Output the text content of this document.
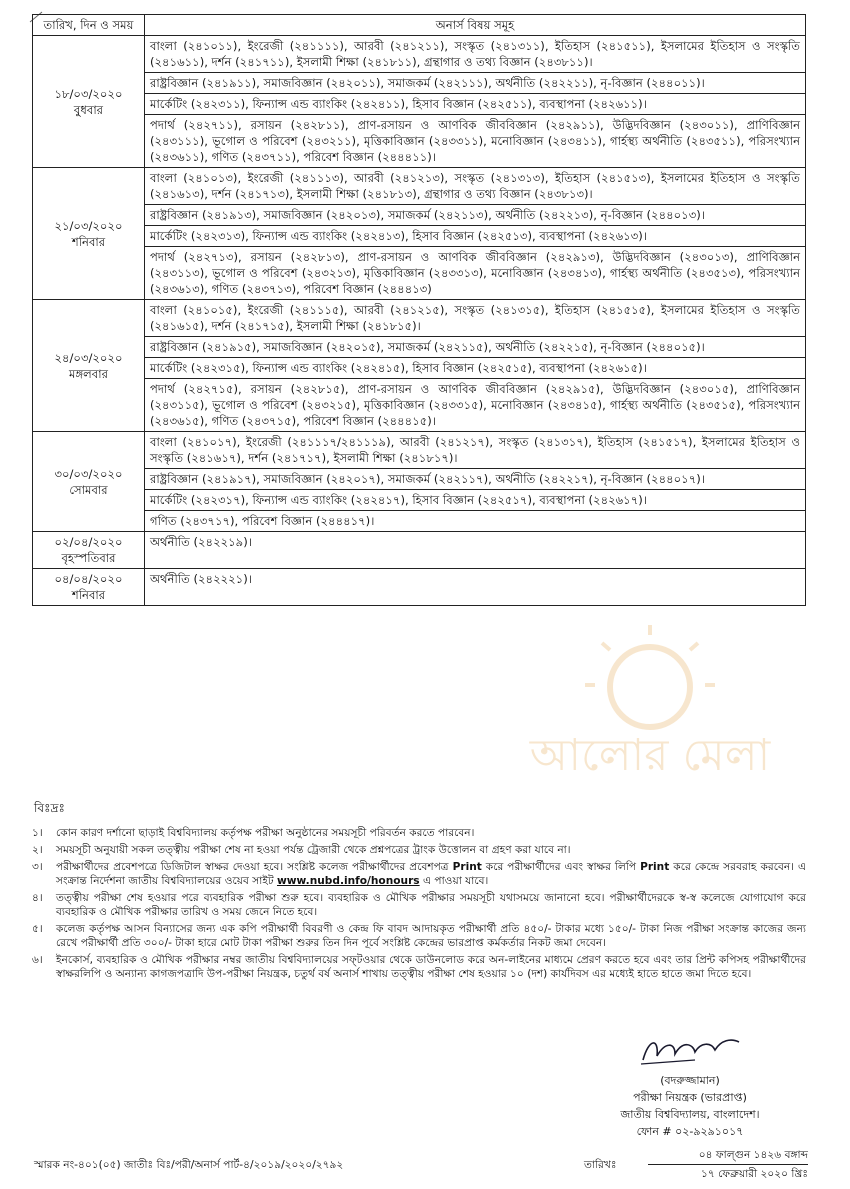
তারিখ, দিন ও সময়	অনার্স বিষয় সমূহ

১৮/০৩/২০২০
বুধবার	বাংলা (২৪১০১১), ইংরেজী (২৪১১১১), আরবী (২৪১২১১), সংস্কৃত (২৪১৩১১), ইতিহাস (২৪১৫১১), ইসলামের ইতিহাস ও সংস্কৃতি (২৪১৬১১), দর্শন (২৪১৭১১), ইসলামী শিক্ষা (২৪১৮১১), গ্রন্থাগার ও তথ্য বিজ্ঞান (২৪৩৮১১)।
	রাষ্ট্রবিজ্ঞান (২৪১৯১১), সমাজবিজ্ঞান (২৪২০১১), সমাজকর্ম (২৪২১১১), অর্থনীতি (২৪২২১১), নৃ-বিজ্ঞান (২৪৪০১১)।
	মার্কেটিং (২৪২৩১১), ফিন্যান্স এন্ড ব্যাংকিং (২৪২৪১১), হিসাব বিজ্ঞান (২৪২৫১১), ব্যবস্থাপনা (২৪২৬১১)।
	পদার্থ (২৪২৭১১), রসায়ন (২৪২৮১১), প্রাণ-রসায়ন ও আণবিক জীববিজ্ঞান (২৪২৯১১), উদ্ভিদবিজ্ঞান (২৪৩০১১), প্রাণিবিজ্ঞান (২৪৩১১১), ভূগোল ও পরিবেশ (২৪৩২১১), মৃত্তিকাবিজ্ঞান (২৪৩৩১১), মনোবিজ্ঞান (২৪৩৪১১), গার্হস্থ্য অর্থনীতি (২৪৩৫১১), পরিসংখ্যান (২৪৩৬১১), গণিত (২৪৩৭১১), পরিবেশ বিজ্ঞান (২৪৪৪১১)।

২১/০৩/২০২০
শনিবার	বাংলা (২৪১০১৩), ইংরেজী (২৪১১১৩), আরবী (২৪১২১৩), সংস্কৃত (২৪১৩১৩), ইতিহাস (২৪১৫১৩), ইসলামের ইতিহাস ও সংস্কৃতি (২৪১৬১৩), দর্শন (২৪১৭১৩), ইসলামী শিক্ষা (২৪১৮১৩), গ্রন্থাগার ও তথ্য বিজ্ঞান (২৪৩৮১৩)।
	রাষ্ট্রবিজ্ঞান (২৪১৯১৩), সমাজবিজ্ঞান (২৪২০১৩), সমাজকর্ম (২৪২১১৩), অর্থনীতি (২৪২২১৩), নৃ-বিজ্ঞান (২৪৪০১৩)।
	মার্কেটিং (২৪২৩১৩), ফিন্যান্স এন্ড ব্যাংকিং (২৪২৪১৩), হিসাব বিজ্ঞান (২৪২৫১৩), ব্যবস্থাপনা (২৪২৬১৩)।
	পদার্থ (২৪২৭১৩), রসায়ন (২৪২৮১৩), প্রাণ-রসায়ন ও আণবিক জীববিজ্ঞান (২৪২৯১৩), উদ্ভিদবিজ্ঞান (২৪৩০১৩), প্রাণিবিজ্ঞান (২৪৩১১৩), ভূগোল ও পরিবেশ (২৪৩২১৩), মৃত্তিকাবিজ্ঞান (২৪৩৩১৩), মনোবিজ্ঞান (২৪৩৪১৩), গার্হস্থ্য অর্থনীতি (২৪৩৫১৩), পরিসংখ্যান (২৪৩৬১৩), গণিত (২৪৩৭১৩), পরিবেশ বিজ্ঞান (২৪৪৪১৩)

২৪/০৩/২০২০
মঙ্গলবার	বাংলা (২৪১০১৫), ইংরেজী (২৪১১১৫), আরবী (২৪১২১৫), সংস্কৃত (২৪১৩১৫), ইতিহাস (২৪১৫১৫), ইসলামের ইতিহাস ও সংস্কৃতি (২৪১৬১৫), দর্শন (২৪১৭১৫), ইসলামী শিক্ষা (২৪১৮১৫)।
	রাষ্ট্রবিজ্ঞান (২৪১৯১৫), সমাজবিজ্ঞান (২৪২০১৫), সমাজকর্ম (২৪২১১৫), অর্থনীতি (২৪২২১৫), নৃ-বিজ্ঞান (২৪৪০১৫)।
	মার্কেটিং (২৪২৩১৫), ফিন্যান্স এন্ড ব্যাংকিং (২৪২৪১৫), হিসাব বিজ্ঞান (২৪২৫১৫), ব্যবস্থাপনা (২৪২৬১৫)।
	পদার্থ (২৪২৭১৫), রসায়ন (২৪২৮১৫), প্রাণ-রসায়ন ও আণবিক জীববিজ্ঞান (২৪২৯১৫), উদ্ভিদবিজ্ঞান (২৪৩০১৫), প্রাণিবিজ্ঞান (২৪৩১১৫), ভূগোল ও পরিবেশ (২৪৩২১৫), মৃত্তিকাবিজ্ঞান (২৪৩৩১৫), মনোবিজ্ঞান (২৪৩৪১৫), গার্হস্থ্য অর্থনীতি (২৪৩৫১৫), পরিসংখ্যান (২৪৩৬১৫), গণিত (২৪৩৭১৫), পরিবেশ বিজ্ঞান (২৪৪৪১৫)।

৩০/০৩/২০২০
সোমবার	বাংলা (২৪১০১৭), ইংরেজী (২৪১১১৭/২৪১১১৯), আরবী (২৪১২১৭), সংস্কৃত (২৪১৩১৭), ইতিহাস (২৪১৫১৭), ইসলামের ইতিহাস ও সংস্কৃতি (২৪১৬১৭), দর্শন (২৪১৭১৭), ইসলামী শিক্ষা (২৪১৮১৭)।
	রাষ্ট্রবিজ্ঞান (২৪১৯১৭), সমাজবিজ্ঞান (২৪২০১৭), সমাজকর্ম (২৪২১১৭), অর্থনীতি (২৪২২১৭), নৃ-বিজ্ঞান (২৪৪০১৭)।
	মার্কেটিং (২৪২৩১৭), ফিন্যান্স এন্ড ব্যাংকিং (২৪২৪১৭), হিসাব বিজ্ঞান (২৪২৫১৭), ব্যবস্থাপনা (২৪২৬১৭)।
	গণিত (২৪৩৭১৭), পরিবেশ বিজ্ঞান (২৪৪৪১৭)।

০২/০৪/২০২০
বৃহস্পতিবার	অর্থনীতি (২৪২২১৯)।

০৪/০৪/২০২০
শনিবার	অর্থনীতি (২৪২২২১)।
আলোর মেলা
বিঃদ্রঃ
১।	কোন কারণ দর্শানো ছাড়াই বিশ্ববিদ্যালয় কর্তৃপক্ষ পরীক্ষা অনুষ্ঠানের সময়সূচী পরিবর্তন করতে পারবেন।
২।	সময়সূচী অনুযায়ী সকল তত্ত্বীয় পরীক্ষা শেষ না হওয়া পর্যন্ত ট্রেজারী থেকে প্রশ্নপত্রের ট্রাংক উত্তোলন বা গ্রহণ করা যাবে না।
৩।	পরীক্ষার্থীদের প্রবেশপত্রে ডিজিটাল স্বাক্ষর দেওয়া হবে। সংশ্লিষ্ট কলেজ পরীক্ষার্থীদের প্রবেশপত্র Print করে পরীক্ষার্থীদের এবং স্বাক্ষর লিপি Print করে কেন্দ্রে সরবরাহ করবেন। এ সংক্রান্ত নির্দেশনা জাতীয় বিশ্ববিদ্যালয়ের ওয়েব সাইট www.nubd.info/honours এ পাওয়া যাবে।
৪।	তত্ত্বীয় পরীক্ষা শেষ হওয়ার পরে ব্যবহারিক পরীক্ষা শুরু হবে। ব্যবহারিক ও মৌখিক পরীক্ষার সময়সূচী যথাসময়ে জানানো হবে। পরীক্ষার্থীদেরকে স্ব-স্ব কলেজে যোগাযোগ করে ব্যবহারিক ও মৌখিক পরীক্ষার তারিখ ও সময় জেনে নিতে হবে।
৫।	কলেজ কর্তৃপক্ষ আসন বিন্যাসের জন্য এক কপি পরীক্ষার্থী বিবরণী ও কেন্দ্র ফি বাবদ আদায়কৃত পরীক্ষার্থী প্রতি ৪৫০/- টাকার মধ্যে ১৫০/- টাকা নিজ পরীক্ষা সংক্রান্ত কাজের জন্য রেখে পরীক্ষার্থী প্রতি ৩০০/- টাকা হারে মোট টাকা পরীক্ষা শুরুর তিন দিন পূর্বে সংশ্লিষ্ট কেন্দ্রের ভারপ্রাপ্ত কর্মকর্তার নিকট জমা দেবেন।
৬।	ইনকোর্স, ব্যবহারিক ও মৌখিক পরীক্ষার নম্বর জাতীয় বিশ্ববিদ্যালয়ের সফ্‌টওয়ার থেকে ডাউনলোড করে অন-লাইনের মাধ্যমে প্রেরণ করতে হবে এবং তার প্রিন্ট কপিসহ পরীক্ষার্থীদের স্বাক্ষরলিপি ও অন্যান্য কাগজপত্রাদি উপ-পরীক্ষা নিয়ন্ত্রক, চতুর্থ বর্ষ অনার্স শাখায় তত্ত্বীয় পরীক্ষা শেষ হওয়ার ১০ (দশ) কার্যদিবস এর মধ্যেই হাতে হাতে জমা দিতে হবে।
(বদরুজ্জামান)
পরীক্ষা নিয়ন্ত্রক (ভারপ্রাপ্ত)
জাতীয় বিশ্ববিদ্যালয়, বাংলাদেশ।
ফোন # ০২-৯২৯১০১৭
স্মারক নং-৪০১(০৫) জাতীঃ বিঃ/পরী/অনার্স পার্ট-৪/২০১৯/২০২০/২৭৯২	তারিখঃ
০৪ ফাল্গুন ১৪২৬ বঙ্গাব্দ
১৭ ফেব্রুয়ারী ২০২০ খ্রিঃ
